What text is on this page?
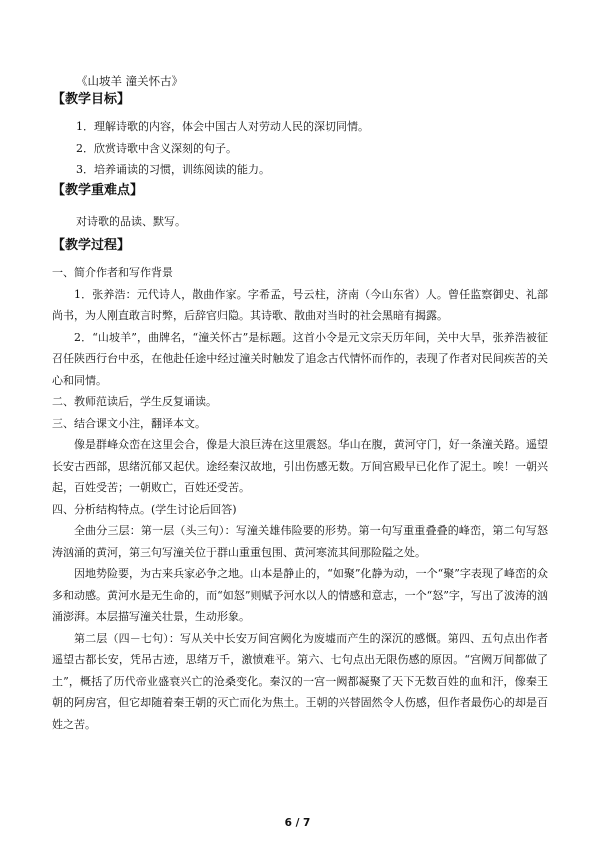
《山坡羊 潼关怀古》

【教学目标】

1．理解诗歌的内容，体会中国古人对劳动人民的深切同情。

2．欣赏诗歌中含义深刻的句子。

3．培养诵读的习惯，训练阅读的能力。

【教学重难点】

对诗歌的品读、默写。

【教学过程】

一、简介作者和写作背景

1．张养浩：元代诗人，散曲作家。字希孟，号云柱，济南（今山东省）人。曾任监察御史、礼部尚书，为人刚直敢言时弊，后辞官归隐。其诗歌、散曲对当时的社会黑暗有揭露。

2．“山坡羊”，曲牌名，“潼关怀古”是标题。这首小令是元文宗天历年间，关中大旱，张养浩被征召任陕西行台中丞，在他赴任途中经过潼关时触发了追念古代情怀而作的，表现了作者对民间疾苦的关心和同情。

二、教师范读后，学生反复诵读。

三、结合课文小注，翻译本文。

像是群峰众峦在这里会合，像是大浪巨涛在这里震怒。华山在腹，黄河守门，好一条潼关路。遥望长安古西部，思绪沉郁又起伏。途经秦汉故地，引出伤感无数。万间宫殿早已化作了泥土。唉！一朝兴起，百姓受苦；一朝败亡，百姓还受苦。

四、分析结构特点。(学生讨论后回答)

全曲分三层：第一层（头三句）：写潼关雄伟险要的形势。第一句写重重叠叠的峰峦，第二句写怒涛汹涌的黄河，第三句写潼关位于群山重重包围、黄河寒流其间那险隘之处。

因地势险要，为古来兵家必争之地。山本是静止的，“如聚”化静为动，一个“聚”字表现了峰峦的众多和动感。黄河水是无生命的，而“如怒”则赋予河水以人的情感和意志，一个“怒”字，写出了波涛的汹涌澎湃。本层描写潼关壮景，生动形象。

第二层（四－七句）：写从关中长安万间宫阙化为废墟而产生的深沉的感慨。第四、五句点出作者遥望古都长安，凭吊古迹，思绪万千，激愤难平。第六、七句点出无限伤感的原因。“宫阙万间都做了土”，概括了历代帝业盛衰兴亡的沧桑变化。秦汉的一宫一阙都凝聚了天下无数百姓的血和汗，像秦王朝的阿房宫，但它却随着秦王朝的灭亡而化为焦土。王朝的兴替固然令人伤感，但作者最伤心的却是百姓之苦。

6 / 7
